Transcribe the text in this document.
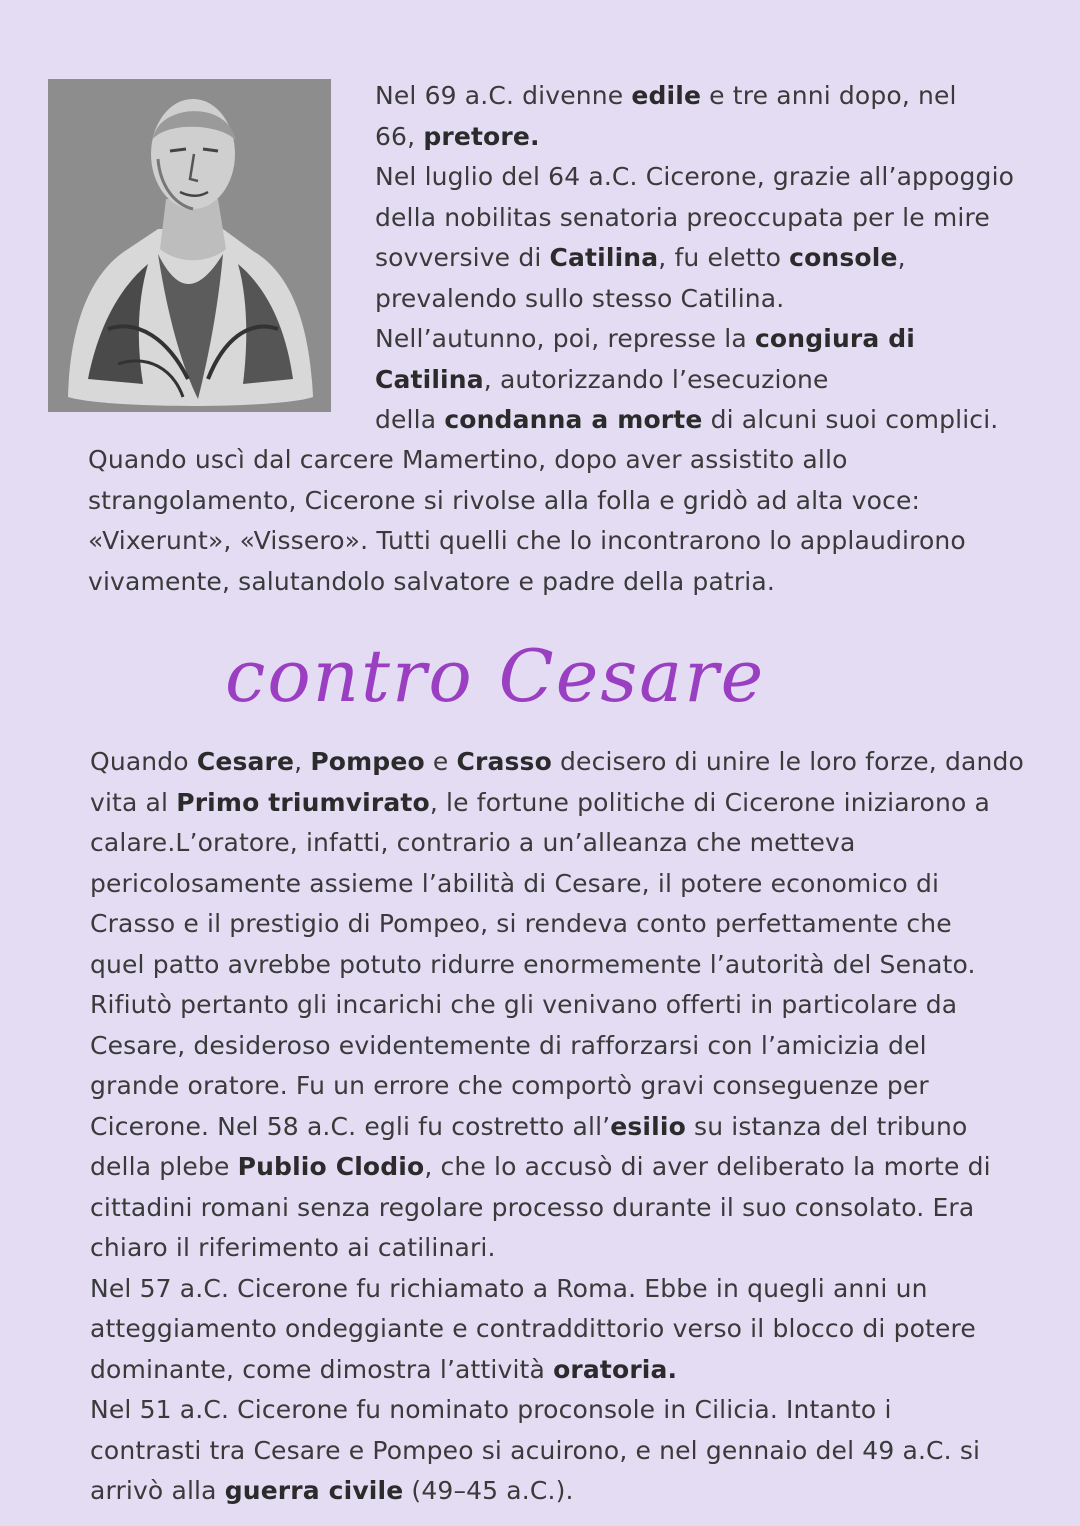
Nel 69 a.C. divenne edile e tre anni dopo, nel

66, pretore.

Nel luglio del 64 a.C. Cicerone, grazie all’appoggio

della nobilitas senatoria preoccupata per le mire

sovversive di Catilina, fu eletto console,

prevalendo sullo stesso Catilina.

Nell’autunno, poi, represse la congiura di

Catilina, autorizzando l’esecuzione

della condanna a morte di alcuni suoi complici.

Quando uscì dal carcere Mamertino, dopo aver assistito allo

strangolamento, Cicerone si rivolse alla folla e gridò ad alta voce:

«Vixerunt», «Vissero». Tutti quelli che lo incontrarono lo applaudirono

vivamente, salutandolo salvatore e padre della patria.

contro Cesare

Quando Cesare, Pompeo e Crasso decisero di unire le loro forze, dando

vita al Primo triumvirato, le fortune politiche di Cicerone iniziarono a

calare.L’oratore, infatti, contrario a un’alleanza che metteva

pericolosamente assieme l’abilità di Cesare, il potere economico di

Crasso e il prestigio di Pompeo, si rendeva conto perfettamente che

quel patto avrebbe potuto ridurre enormemente l’autorità del Senato.

Rifiutò pertanto gli incarichi che gli venivano offerti in particolare da

Cesare, desideroso evidentemente di rafforzarsi con l’amicizia del

grande oratore. Fu un errore che comportò gravi conseguenze per

Cicerone. Nel 58 a.C. egli fu costretto all’esilio su istanza del tribuno

della plebe Publio Clodio, che lo accusò di aver deliberato la morte di

cittadini romani senza regolare processo durante il suo consolato. Era

chiaro il riferimento ai catilinari.

Nel 57 a.C. Cicerone fu richiamato a Roma. Ebbe in quegli anni un

atteggiamento ondeggiante e contraddittorio verso il blocco di potere

dominante, come dimostra l’attività oratoria.

Nel 51 a.C. Cicerone fu nominato proconsole in Cilicia. Intanto i

contrasti tra Cesare e Pompeo si acuirono, e nel gennaio del 49 a.C. si

arrivò alla guerra civile (49–45 a.C.).
